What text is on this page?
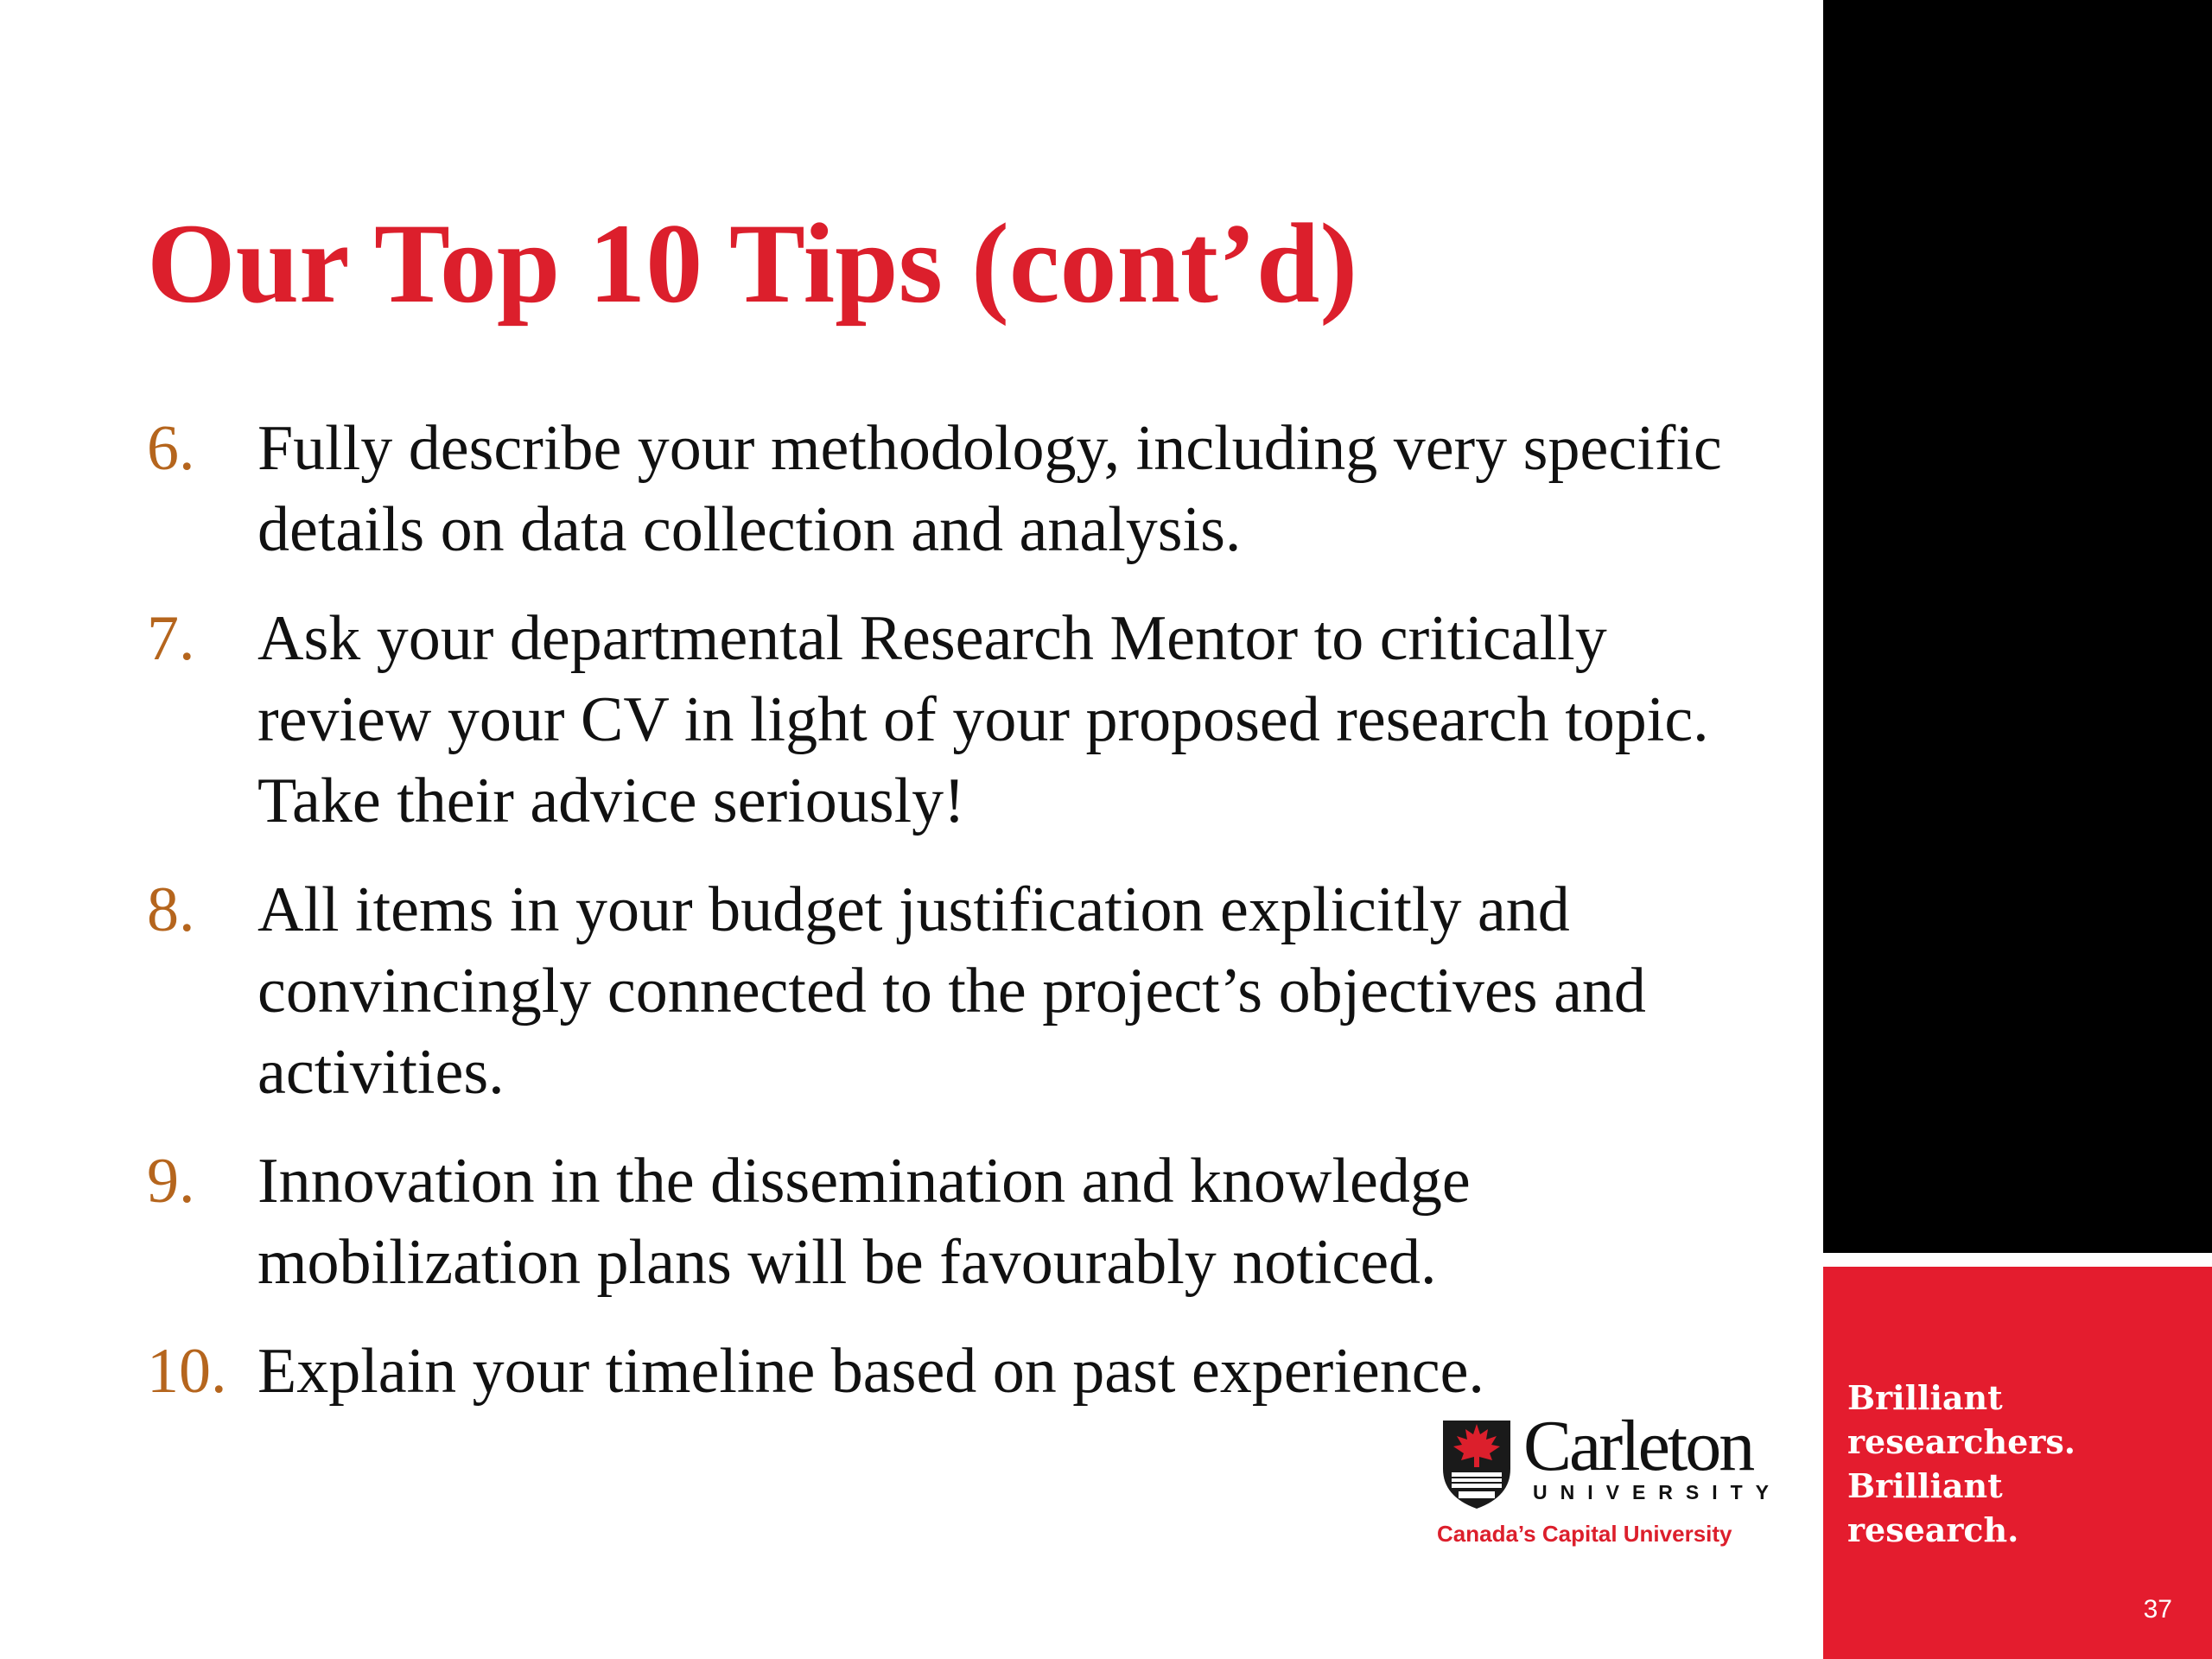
Our Top 10 Tips (cont’d)
6. Fully describe your methodology, including very specific details on data collection and analysis.
7. Ask your departmental Research Mentor to critically review your CV in light of your proposed research topic. Take their advice seriously!
8. All items in your budget justification explicitly and convincingly connected to the project’s objectives and activities.
9. Innovation in the dissemination and knowledge mobilization plans will be favourably noticed.
10. Explain your timeline based on past experience.
Carleton
UNIVERSITY
Canada’s Capital University
Brilliant
researchers.
Brilliant
research.
37
